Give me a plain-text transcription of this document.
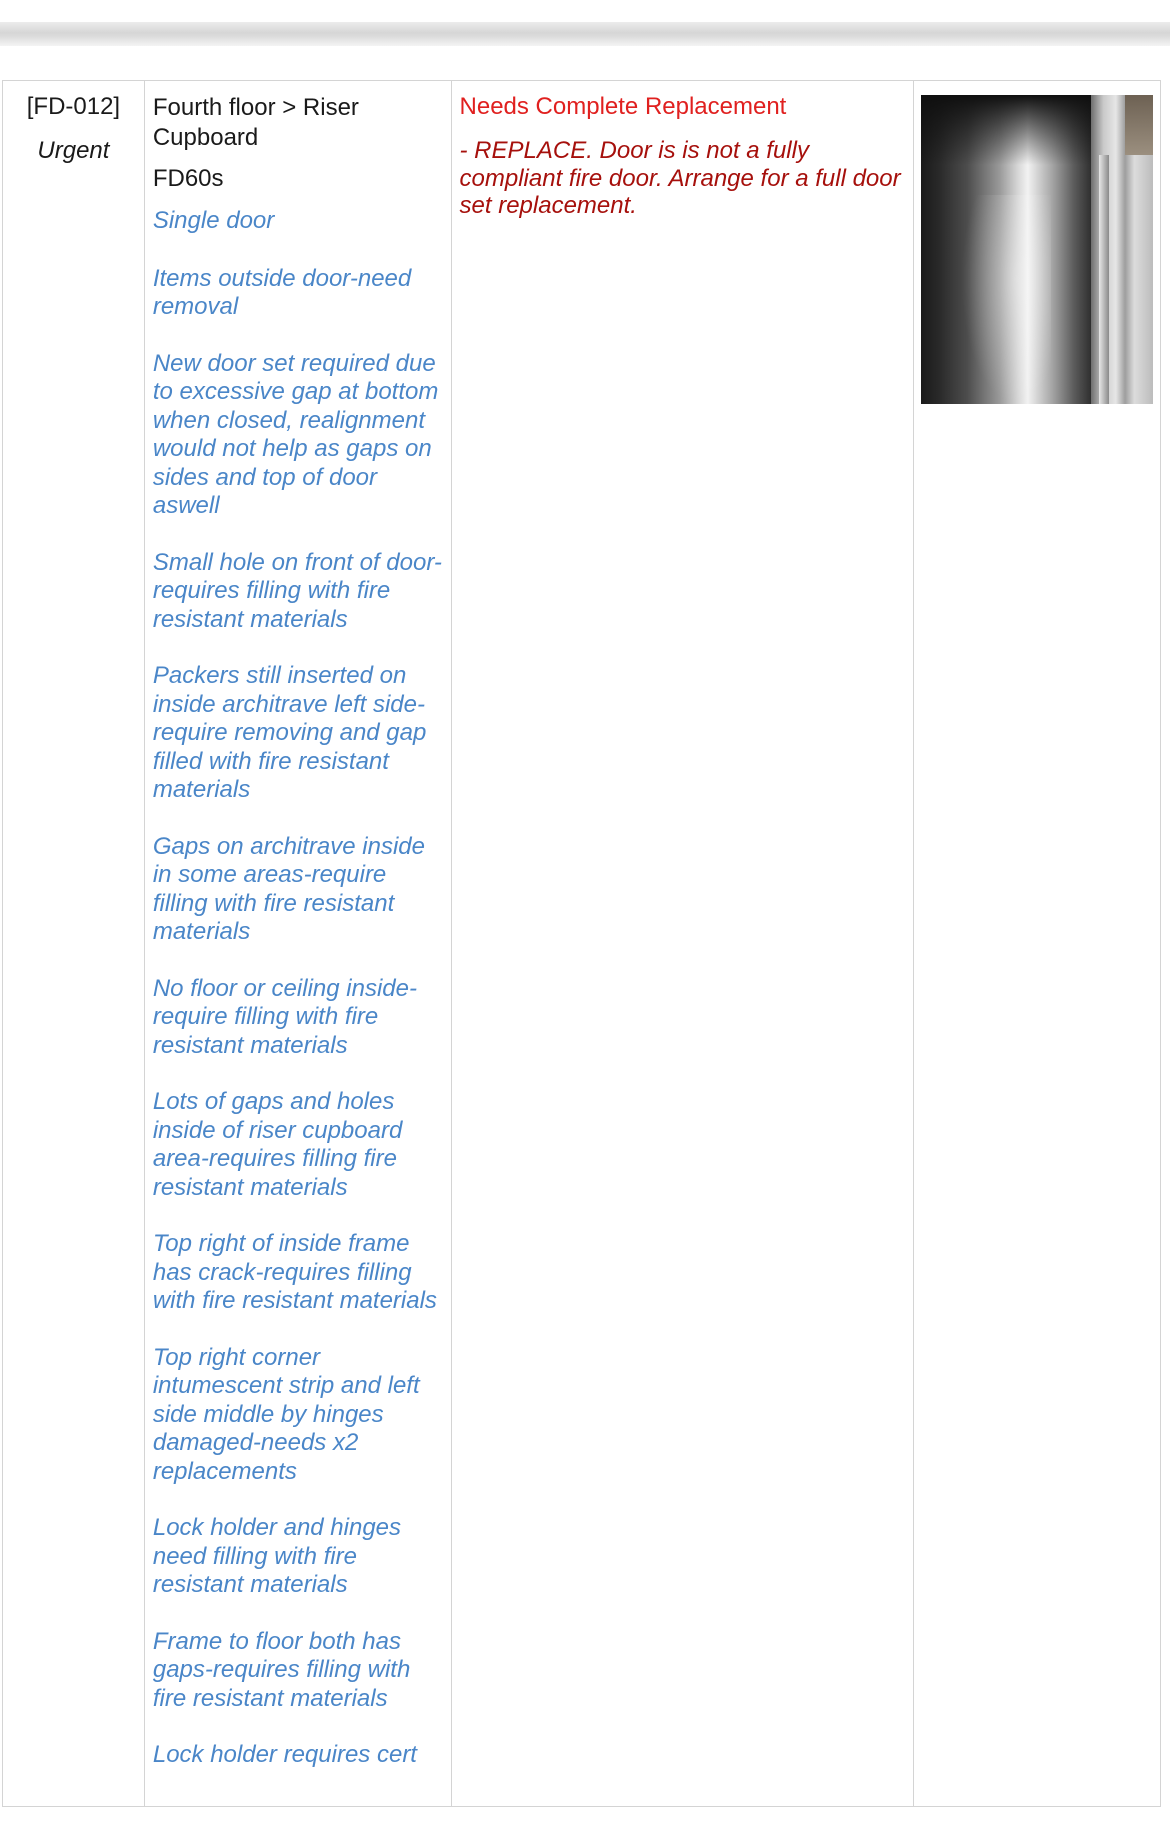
[FD-012]
Urgent
Fourth floor > Riser Cupboard
FD60s
Single door
Items outside door-need removal
New door set required due to excessive gap at bottom when closed, realignment would not help as gaps on sides and top of door aswell
Small hole on front of door-requires filling with fire resistant materials
Packers still inserted on inside architrave left side-require removing and gap filled with fire resistant materials
Gaps on architrave inside in some areas-require filling with fire resistant materials
No floor or ceiling inside-require filling with fire resistant materials
Lots of gaps and holes inside of riser cupboard area-requires filling fire resistant materials
Top right of inside frame has crack-requires filling with fire resistant materials
Top right corner intumescent strip and left side middle by hinges damaged-needs x2 replacements
Lock holder and hinges need filling with fire resistant materials
Frame to floor both has gaps-requires filling with fire resistant materials
Lock holder requires cert
Needs Complete Replacement
- REPLACE. Door is is not a fully compliant fire door. Arrange for a full door set replacement.
